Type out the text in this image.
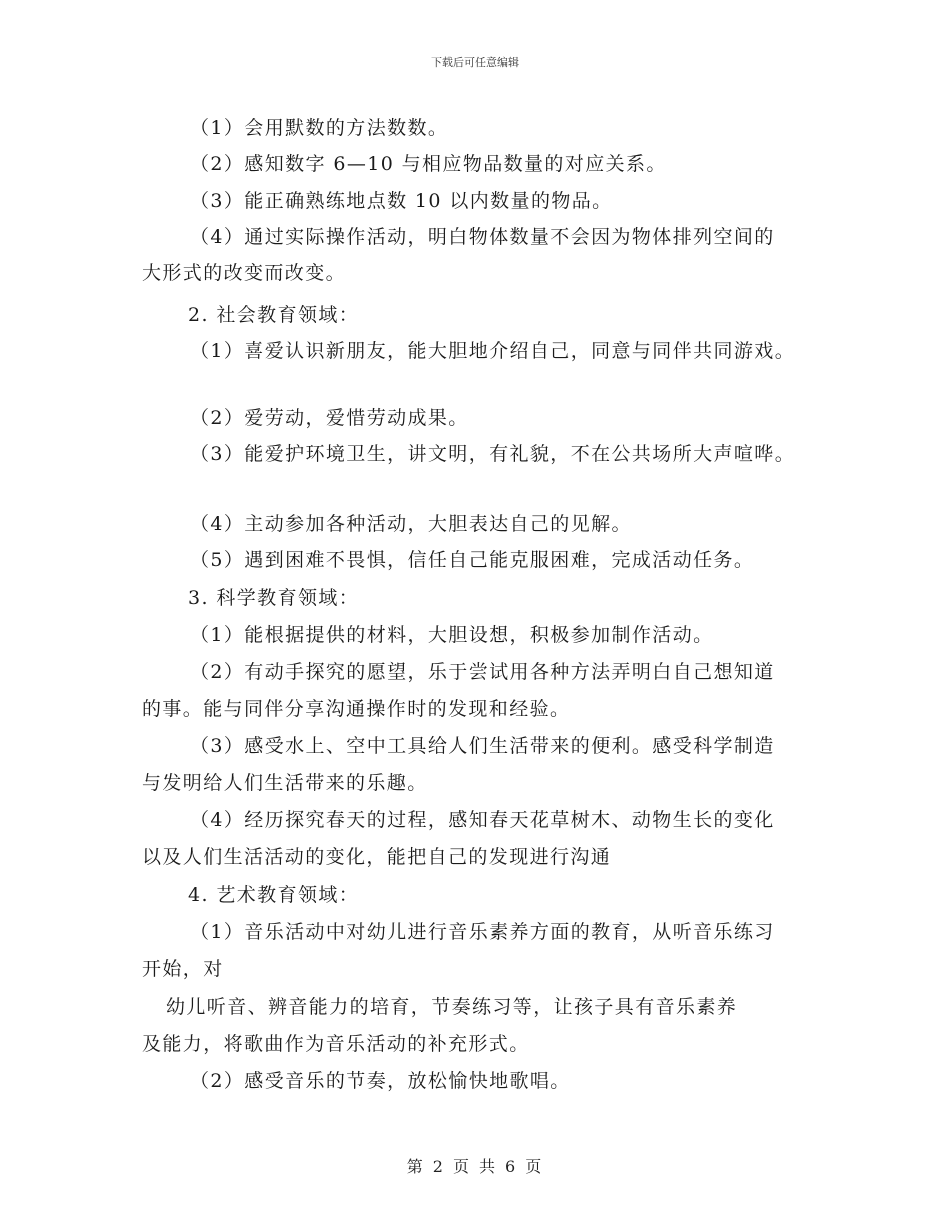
下载后可任意编辑
（1）会用默数的方法数数。
（2）感知数字 6—10 与相应物品数量的对应关系。
（3）能正确熟练地点数 10 以内数量的物品。
（4）通过实际操作活动，明白物体数量不会因为物体排列空间的
大形式的改变而改变。
2. 社会教育领域：
（1）喜爱认识新朋友，能大胆地介绍自己，同意与同伴共同游戏。
（2）爱劳动，爱惜劳动成果。
（3）能爱护环境卫生，讲文明，有礼貌，不在公共场所大声喧哗。
（4）主动参加各种活动，大胆表达自己的见解。
（5）遇到困难不畏惧，信任自己能克服困难，完成活动任务。
3. 科学教育领域：
（1）能根据提供的材料，大胆设想，积极参加制作活动。
（2）有动手探究的愿望，乐于尝试用各种方法弄明白自己想知道
的事。能与同伴分享沟通操作时的发现和经验。
（3）感受水上、空中工具给人们生活带来的便利。感受科学制造
与发明给人们生活带来的乐趣。
（4）经历探究春天的过程，感知春天花草树木、动物生长的变化
以及人们生活活动的变化，能把自己的发现进行沟通
4. 艺术教育领域：
（1）音乐活动中对幼儿进行音乐素养方面的教育，从听音乐练习
开始，对
幼儿听音、辨音能力的培育，节奏练习等，让孩子具有音乐素养
及能力，将歌曲作为音乐活动的补充形式。
（2）感受音乐的节奏，放松愉快地歌唱。
第 2 页 共 6 页
